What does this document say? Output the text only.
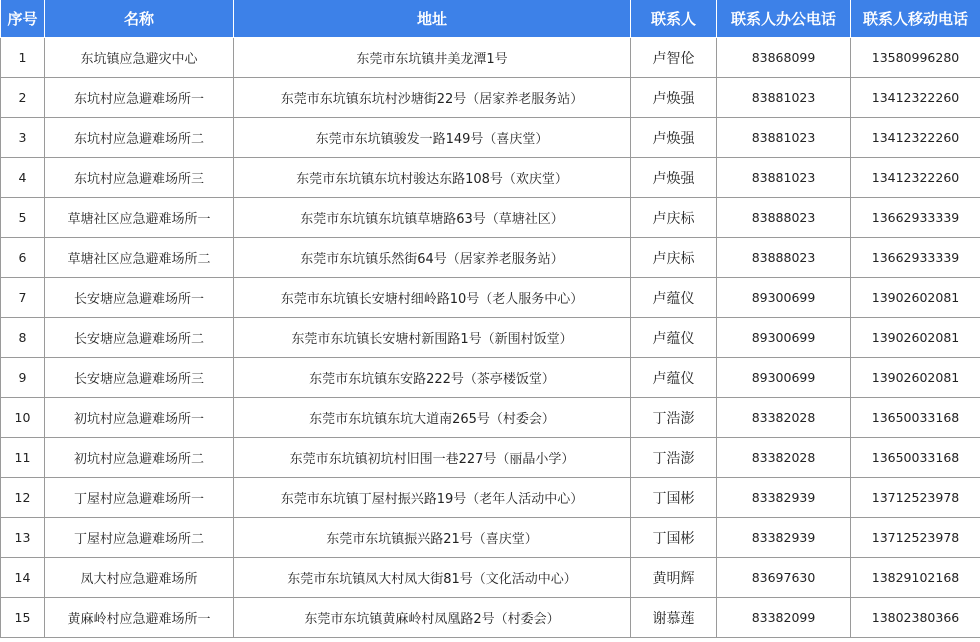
序号	名称	地址	联系人	联系人办公电话	联系人移动电话
1	东坑镇应急避灾中心	东莞市东坑镇井美龙潭1号	卢智伦	83868099	13580996280
2	东坑村应急避难场所一	东莞市东坑镇东坑村沙塘街22号（居家养老服务站）	卢焕强	83881023	13412322260
3	东坑村应急避难场所二	东莞市东坑镇骏发一路149号（喜庆堂）	卢焕强	83881023	13412322260
4	东坑村应急避难场所三	东莞市东坑镇东坑村骏达东路108号（欢庆堂）	卢焕强	83881023	13412322260
5	草塘社区应急避难场所一	东莞市东坑镇东坑镇草塘路63号（草塘社区）	卢庆标	83888023	13662933339
6	草塘社区应急避难场所二	东莞市东坑镇乐然街64号（居家养老服务站）	卢庆标	83888023	13662933339
7	长安塘应急避难场所一	东莞市东坑镇长安塘村细岭路10号（老人服务中心）	卢蕴仪	89300699	13902602081
8	长安塘应急避难场所二	东莞市东坑镇长安塘村新围路1号（新围村饭堂）	卢蕴仪	89300699	13902602081
9	长安塘应急避难场所三	东莞市东坑镇东安路222号（茶亭楼饭堂）	卢蕴仪	89300699	13902602081
10	初坑村应急避难场所一	东莞市东坑镇东坑大道南265号（村委会）	丁浩澎	83382028	13650033168
11	初坑村应急避难场所二	东莞市东坑镇初坑村旧围一巷227号（丽晶小学）	丁浩澎	83382028	13650033168
12	丁屋村应急避难场所一	东莞市东坑镇丁屋村振兴路19号（老年人活动中心）	丁国彬	83382939	13712523978
13	丁屋村应急避难场所二	东莞市东坑镇振兴路21号（喜庆堂）	丁国彬	83382939	13712523978
14	凤大村应急避难场所	东莞市东坑镇凤大村凤大街81号（文化活动中心）	黄明辉	83697630	13829102168
15	黄麻岭村应急避难场所一	东莞市东坑镇黄麻岭村凤凰路2号（村委会）	谢慕莲	83382099	13802380366
